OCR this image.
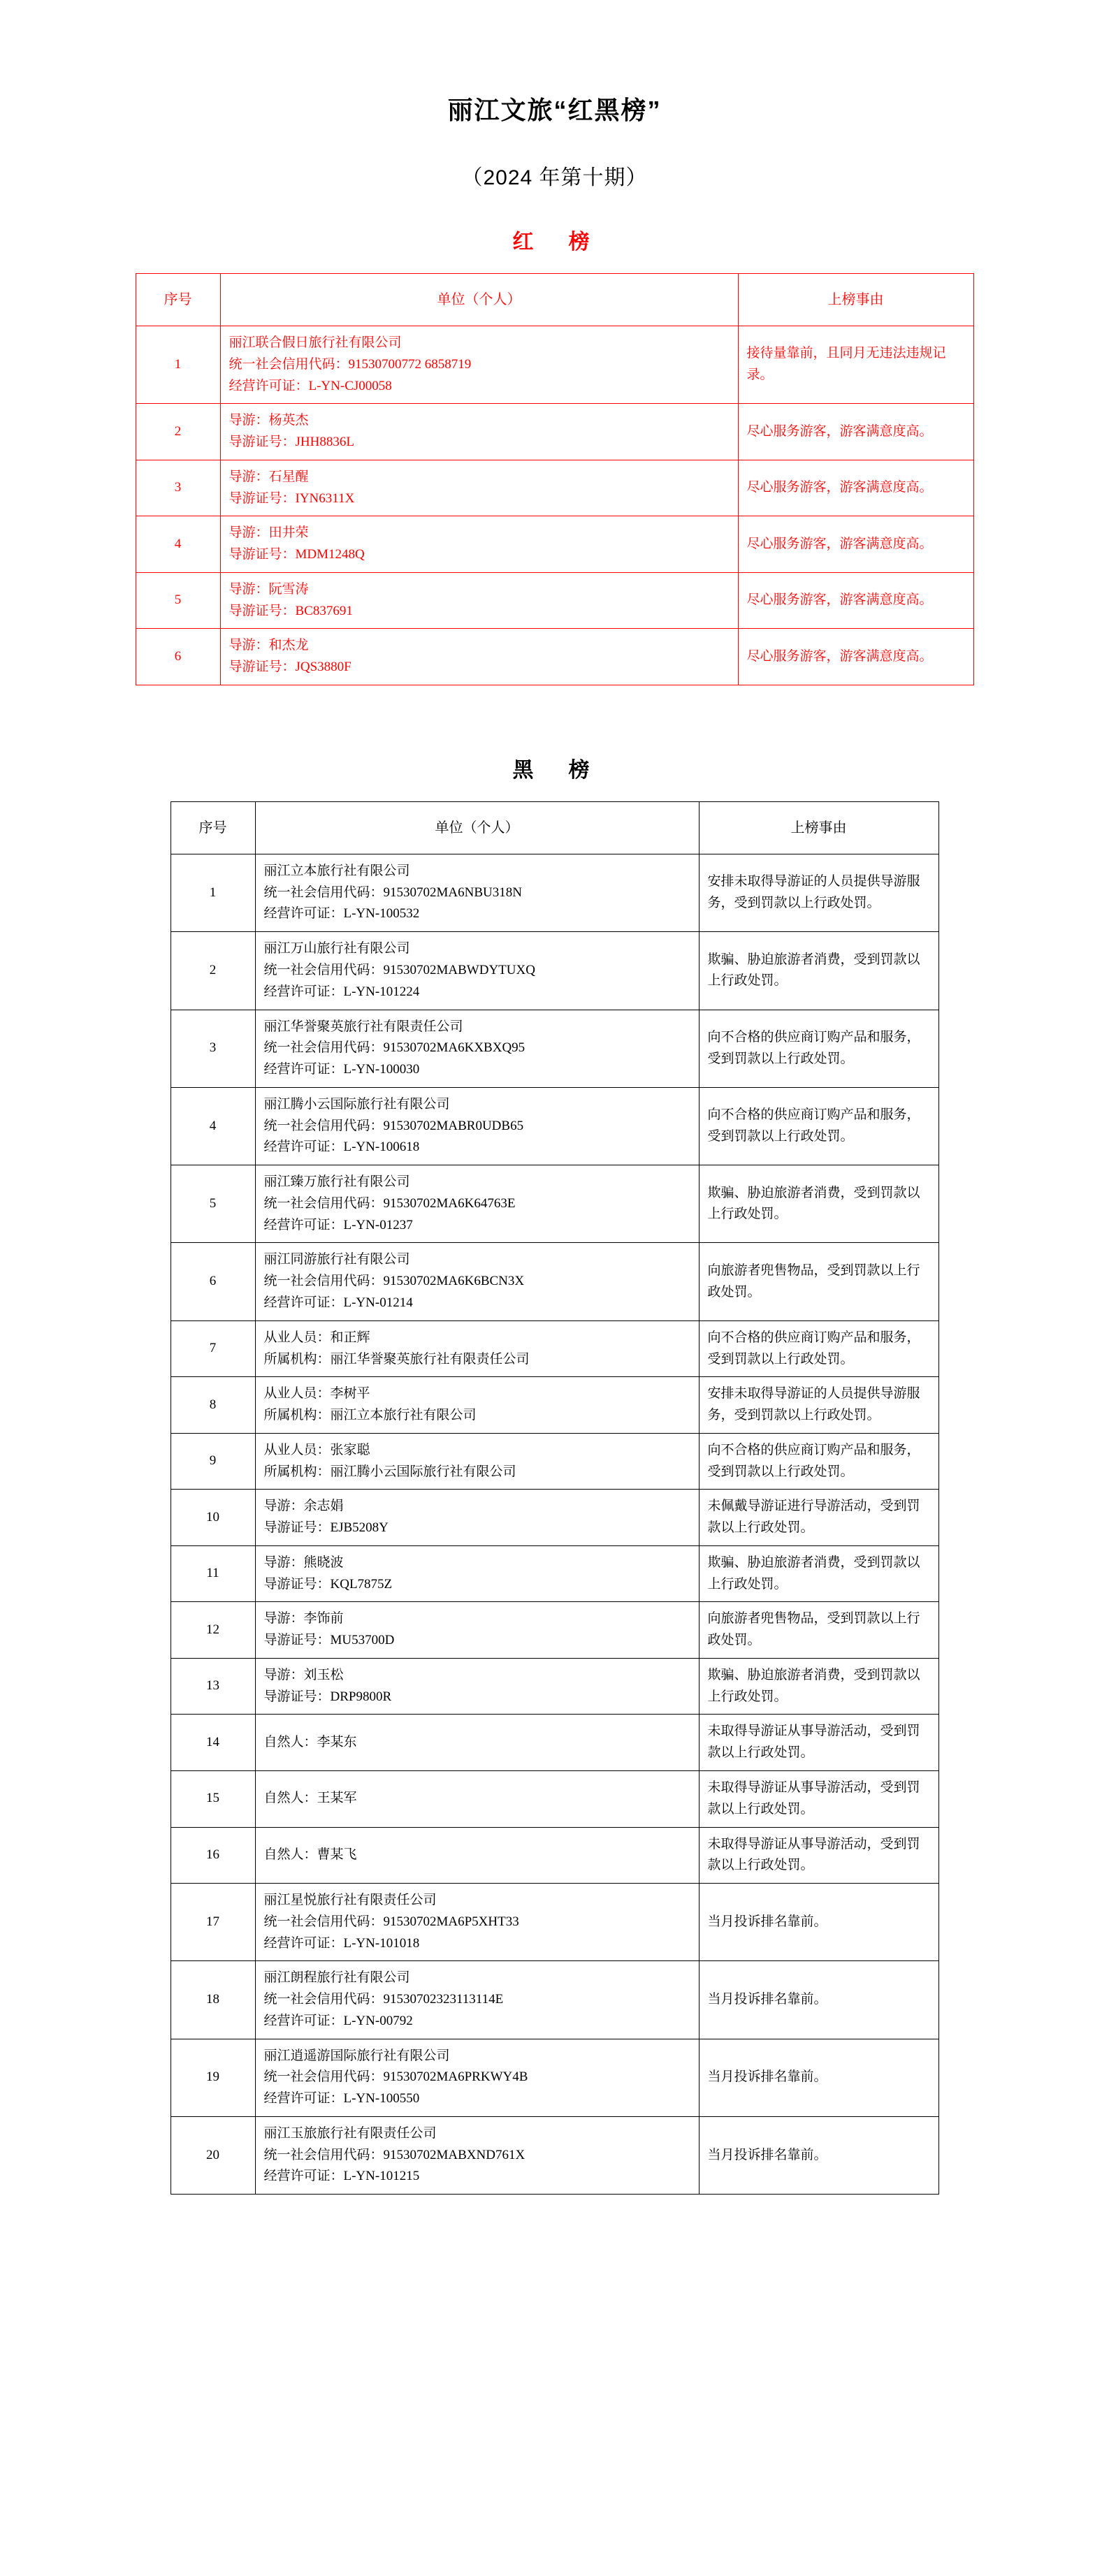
丽江文旅“红黑榜”
（2024 年第十期）
红　榜
序号	单位（个人）	上榜事由
1	丽江联合假日旅行社有限公司
统一社会信用代码：91530700772 6858719
经营许可证：L-YN-CJ00058	接待量靠前，且同月无违法违规记录。

2	导游：杨英杰
导游证号：JHH8836L	尽心服务游客，游客满意度高。

3	导游：石星醒
导游证号：IYN6311X	尽心服务游客，游客满意度高。

4	导游：田井荣
导游证号：MDM1248Q	尽心服务游客，游客满意度高。

5	导游：阮雪涛
导游证号：BC837691	尽心服务游客，游客满意度高。

6	导游：和杰龙
导游证号：JQS3880F	尽心服务游客，游客满意度高。
黑　榜
序号	单位（个人）	上榜事由
1	丽江立本旅行社有限公司
统一社会信用代码：91530702MA6NBU318N
经营许可证：L-YN-100532	安排未取得导游证的人员提供导游服务，受到罚款以上行政处罚。

2	丽江万山旅行社有限公司
统一社会信用代码：91530702MABWDYTUXQ
经营许可证：L-YN-101224	欺骗、胁迫旅游者消费，受到罚款以上行政处罚。

3	丽江华誉聚英旅行社有限责任公司
统一社会信用代码：91530702MA6KXBXQ95
经营许可证：L-YN-100030	向不合格的供应商订购产品和服务，受到罚款以上行政处罚。

4	丽江腾小云国际旅行社有限公司
统一社会信用代码：91530702MABR0UDB65
经营许可证：L-YN-100618	向不合格的供应商订购产品和服务，受到罚款以上行政处罚。

5	丽江臻万旅行社有限公司
统一社会信用代码：91530702MA6K64763E
经营许可证：L-YN-01237	欺骗、胁迫旅游者消费，受到罚款以上行政处罚。

6	丽江同游旅行社有限公司
统一社会信用代码：91530702MA6K6BCN3X
经营许可证：L-YN-01214	向旅游者兜售物品，受到罚款以上行政处罚。

7	从业人员：和正辉
所属机构：丽江华誉聚英旅行社有限责任公司	向不合格的供应商订购产品和服务，受到罚款以上行政处罚。

8	从业人员：李树平
所属机构：丽江立本旅行社有限公司	安排未取得导游证的人员提供导游服务，受到罚款以上行政处罚。

9	从业人员：张家聪
所属机构：丽江腾小云国际旅行社有限公司	向不合格的供应商订购产品和服务，受到罚款以上行政处罚。

10	导游：余志娟
导游证号：EJB5208Y	未佩戴导游证进行导游活动，受到罚款以上行政处罚。

11	导游：熊晓波
导游证号：KQL7875Z	欺骗、胁迫旅游者消费，受到罚款以上行政处罚。

12	导游：李饰前
导游证号：MU53700D	向旅游者兜售物品，受到罚款以上行政处罚。

13	导游：刘玉松
导游证号：DRP9800R	欺骗、胁迫旅游者消费，受到罚款以上行政处罚。

14	自然人：李某东	未取得导游证从事导游活动，受到罚款以上行政处罚。

15	自然人：王某军	未取得导游证从事导游活动，受到罚款以上行政处罚。

16	自然人：曹某飞	未取得导游证从事导游活动，受到罚款以上行政处罚。

17	丽江星悦旅行社有限责任公司
统一社会信用代码：91530702MA6P5XHT33
经营许可证：L-YN-101018	当月投诉排名靠前。

18	丽江朗程旅行社有限公司
统一社会信用代码：91530702323113114E
经营许可证：L-YN-00792	当月投诉排名靠前。

19	丽江逍遥游国际旅行社有限公司
统一社会信用代码：91530702MA6PRKWY4B
经营许可证：L-YN-100550	当月投诉排名靠前。

20	丽江玉旅旅行社有限责任公司
统一社会信用代码：91530702MABXND761X
经营许可证：L-YN-101215	当月投诉排名靠前。
